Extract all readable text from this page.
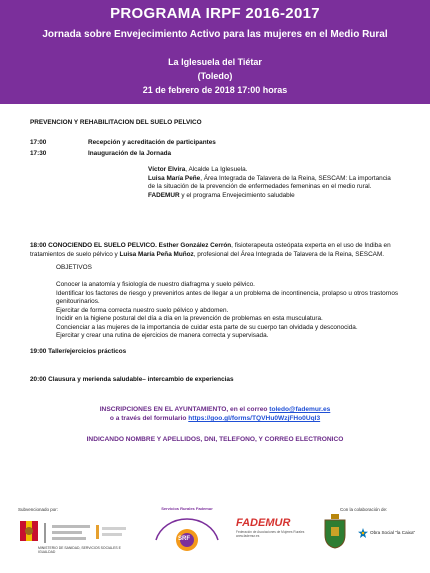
PROGRAMA IRPF 2016-2017
Jornada sobre Envejecimiento Activo para las mujeres en el Medio Rural
La Iglesuela del Tiétar
(Toledo)
21 de febrero de 2018 17:00 horas
PREVENCION Y REHABILITACION DEL SUELO PELVICO
17:00	Recepción y acreditación de participantes
17:30	Inauguración de la Jornada

Víctor Elvira, Alcalde La Iglesuela.

Luisa María Peñe, Área Integrada de Talavera de la Reina, SESCAM: La importancia de la situación de la prevención de enfermedades femeninas en el medio rural.

FADEMUR y el programa Envejecimiento saludable

18:00 CONOCIENDO EL SUELO PELVICO. Esther González Cerrón, fisioterapeuta osteópata experta en el uso de Indiba en tratamientos de suelo pélvico y Luisa María Peña Muñoz, profesional del Área Integrada de Talavera de la Reina, SESCAM.
OBJETIVOS
Conocer la anatomía y fisiología de nuestro diafragma y suelo pélvico.
Identificar los factores de riesgo y prevenirlos antes de llegar a un problema de incontinencia, prolapso u otros trastornos genitourinarios.
Ejercitar de forma correcta nuestro suelo pélvico y abdomen.
Incidir en la higiene postural del día a día en la prevención de problemas en esta musculatura.
Concienciar a las mujeres de la importancia de cuidar esta parte de su cuerpo tan olvidada y desconocida.
Ejercitar y crear una rutina de ejercicios de manera correcta y supervisada.
19:00 Taller/ejercicios prácticos
20:00 Clausura y merienda saludable– intercambio de experiencias
INSCRIPCIONES EN EL AYUNTAMIENTO, en el correo toledo@fademur.es
o a través del formulario https://goo.gl/forms/TQVHu0WzjFHo0Uql3
INDICANDO NOMBRE Y APELLIDOS, DNI, TELEFONO, Y CORREO ELECTRONICO
Subvencionado por:	Con la colaboración de:
MINISTERIO DE SANIDAD, SERVICIOS SOCIALES E IGUALDAD
SRF
Servicios Rurales Fademur
FADEMUR
Federación de Asociaciones de Mujeres Rurales
www.fademur.es
Obra Social "la Caixa"
